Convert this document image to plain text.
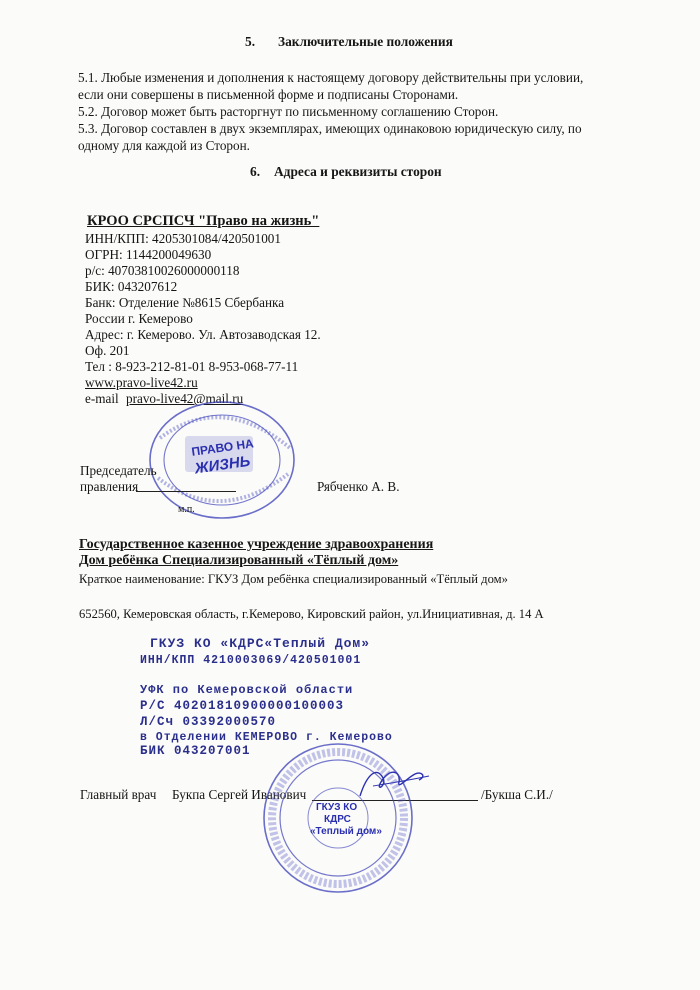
5. Заключительные положения
5.1. Любые изменения и дополнения к настоящему договору действительны при условии,
если они совершены в письменной форме и подписаны Сторонами.
5.2. Договор может быть расторгнут по письменному соглашению Сторон.
5.3. Договор составлен в двух экземплярах, имеющих одинаковою юридическую силу, по
одному для каждой из Сторон.
6. Адреса и реквизиты сторон
КРОО СРСПСЧ "Право на жизнь"
ИНН/КПП: 4205301084/420501001
ОГРН: 1144200049630
р/с: 40703810026000000118
БИК: 043207612
Банк: Отделение №8615 Сбербанка
России г. Кемерово
Адрес: г. Кемерово. Ул. Автозаводская 12.
Оф. 201
Тел : 8-923-212-81-01 8-953-068-77-11
www.pravo-live42.ru
e-mail pravo-live42@mail.ru
ПРАВО НА
ЖИЗНЬ
Председатель
правления	Рябченко А. В.
м.п.
Государственное казенное учреждение здравоохранения
Дом ребёнка Специализированный «Тёплый дом»
Краткое наименование: ГКУЗ Дом ребёнка специализированный «Тёплый дом»
652560, Кемеровская область, г.Кемерово, Кировский район, ул.Инициативная, д. 14 А
ГКУЗ КО «КДРС«Теплый Дом»
ИНН/КПП 4210003069/420501001
УФК по Кемеровской области
Р/С 40201810900000100003
Л/Сч 03392000570
в Отделении КЕМЕРОВО г. Кемерово
БИК 043207001
Главный врач Букпа Сергей Иванович	/Букша С.И./
ГКУЗ КО
КДРС
«Теплый дом»
